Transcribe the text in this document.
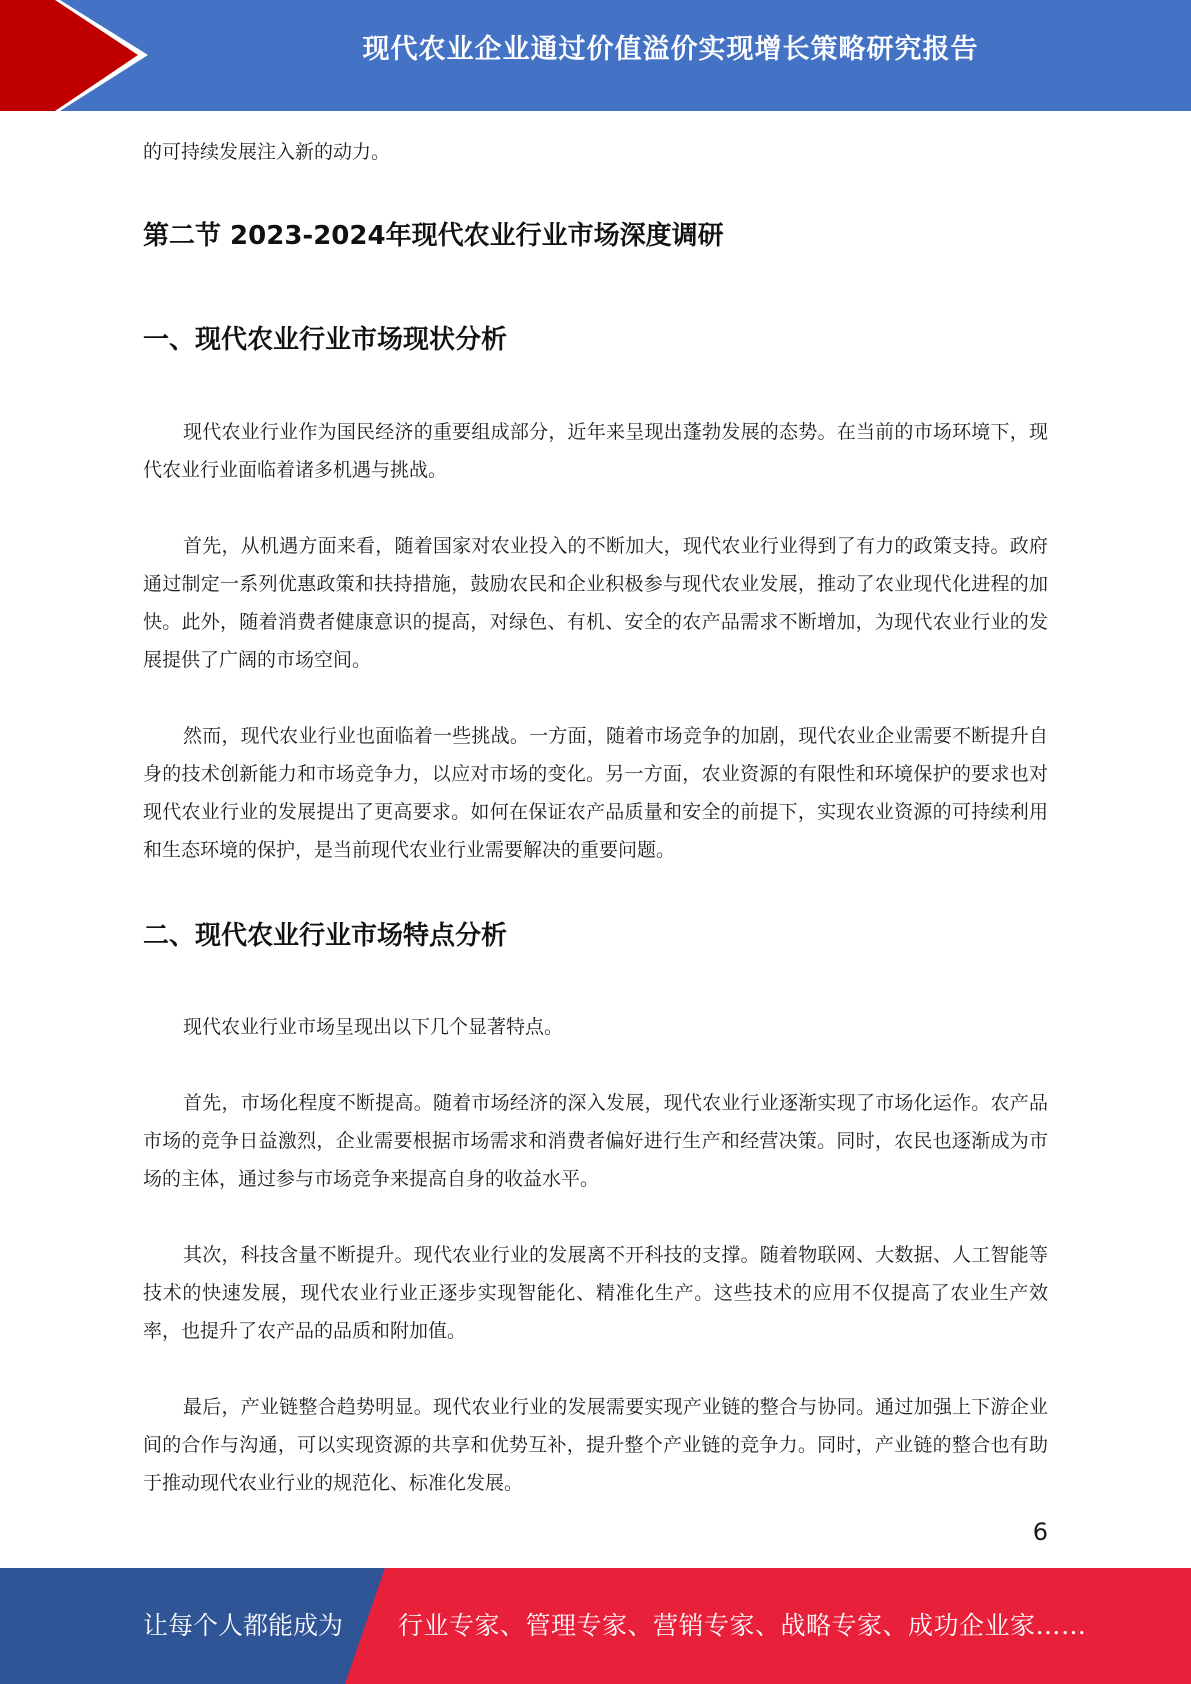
现代农业企业通过价值溢价实现增长策略研究报告

的可持续发展注入新的动力。

第二节 2023-2024年现代农业行业市场深度调研
一、现代农业行业市场现状分析

现代农业行业作为国民经济的重要组成部分，近年来呈现出蓬勃发展的态势。在当前的市场环境下，现代农业行业面临着诸多机遇与挑战。

首先，从机遇方面来看，随着国家对农业投入的不断加大，现代农业行业得到了有力的政策支持。政府通过制定一系列优惠政策和扶持措施，鼓励农民和企业积极参与现代农业发展，推动了农业现代化进程的加快。此外，随着消费者健康意识的提高，对绿色、有机、安全的农产品需求不断增加，为现代农业行业的发展提供了广阔的市场空间。

然而，现代农业行业也面临着一些挑战。一方面，随着市场竞争的加剧，现代农业企业需要不断提升自身的技术创新能力和市场竞争力，以应对市场的变化。另一方面，农业资源的有限性和环境保护的要求也对现代农业行业的发展提出了更高要求。如何在保证农产品质量和安全的前提下，实现农业资源的可持续利用和生态环境的保护，是当前现代农业行业需要解决的重要问题。

二、现代农业行业市场特点分析

现代农业行业市场呈现出以下几个显著特点。

首先，市场化程度不断提高。随着市场经济的深入发展，现代农业行业逐渐实现了市场化运作。农产品市场的竞争日益激烈，企业需要根据市场需求和消费者偏好进行生产和经营决策。同时，农民也逐渐成为市场的主体，通过参与市场竞争来提高自身的收益水平。

其次，科技含量不断提升。现代农业行业的发展离不开科技的支撑。随着物联网、大数据、人工智能等技术的快速发展，现代农业行业正逐步实现智能化、精准化生产。这些技术的应用不仅提高了农业生产效率，也提升了农产品的品质和附加值。

最后，产业链整合趋势明显。现代农业行业的发展需要实现产业链的整合与协同。通过加强上下游企业间的合作与沟通，可以实现资源的共享和优势互补，提升整个产业链的竞争力。同时，产业链的整合也有助于推动现代农业行业的规范化、标准化发展。

6
让每个人都能成为 行业专家、管理专家、营销专家、战略专家、成功企业家……
